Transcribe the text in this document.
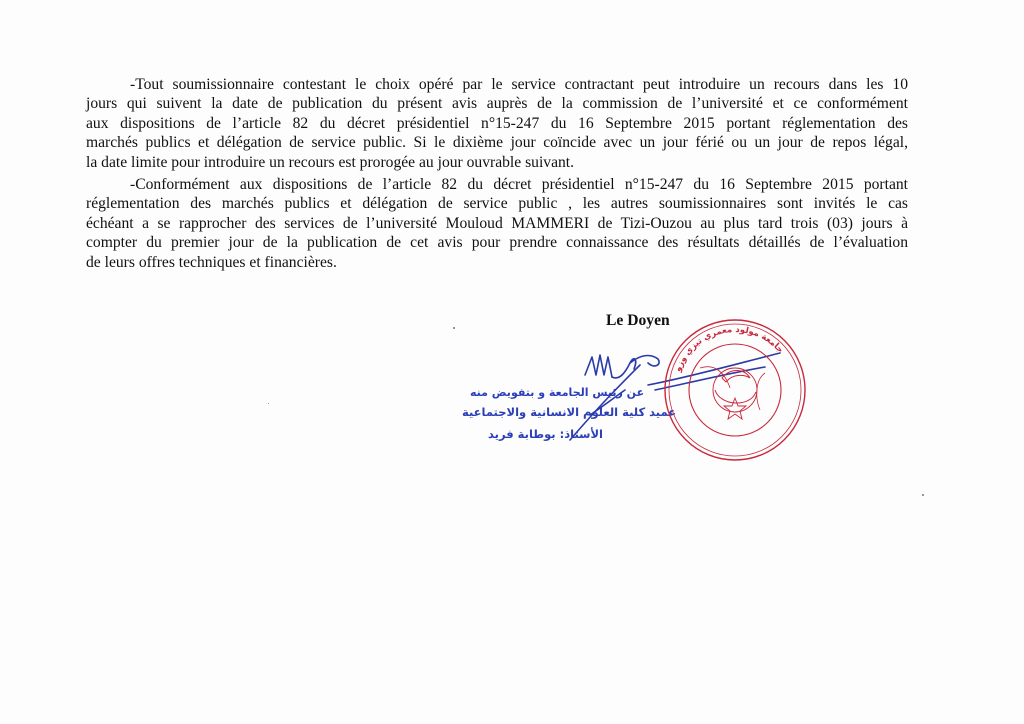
-Tout soumissionnaire contestant le choix opéré par le service contractant peut introduire un recours dans les 10
jours qui suivent la date de publication du présent avis auprès de la commission de l’université et ce conformément
aux dispositions de l’article 82 du décret présidentiel n°15-247 du 16 Septembre 2015 portant réglementation des
marchés publics et délégation de service public. Si le dixième jour coïncide avec un jour férié ou un jour de repos légal,
la date limite pour introduire un recours est prorogée au jour ouvrable suivant.
-Conformément aux dispositions de l’article 82 du décret présidentiel n°15-247 du 16 Septembre 2015 portant
réglementation des marchés publics et délégation de service public , les autres soumissionnaires sont invités le cas
échéant a se rapprocher des services de l’université Mouloud MAMMERI de Tizi-Ouzou au plus tard trois (03) jours à
compter du premier jour de la publication de cet avis pour prendre connaissance des résultats détaillés de l’évaluation
de leurs offres techniques et financières.
Le Doyen
عن رئيس الجامعة و بتفويض منه
عميد كلية العلوم الانسانية والاجتماعية
الأستاذ: بوطابة فريد
جامعة مولود معمري تيزي وزو
